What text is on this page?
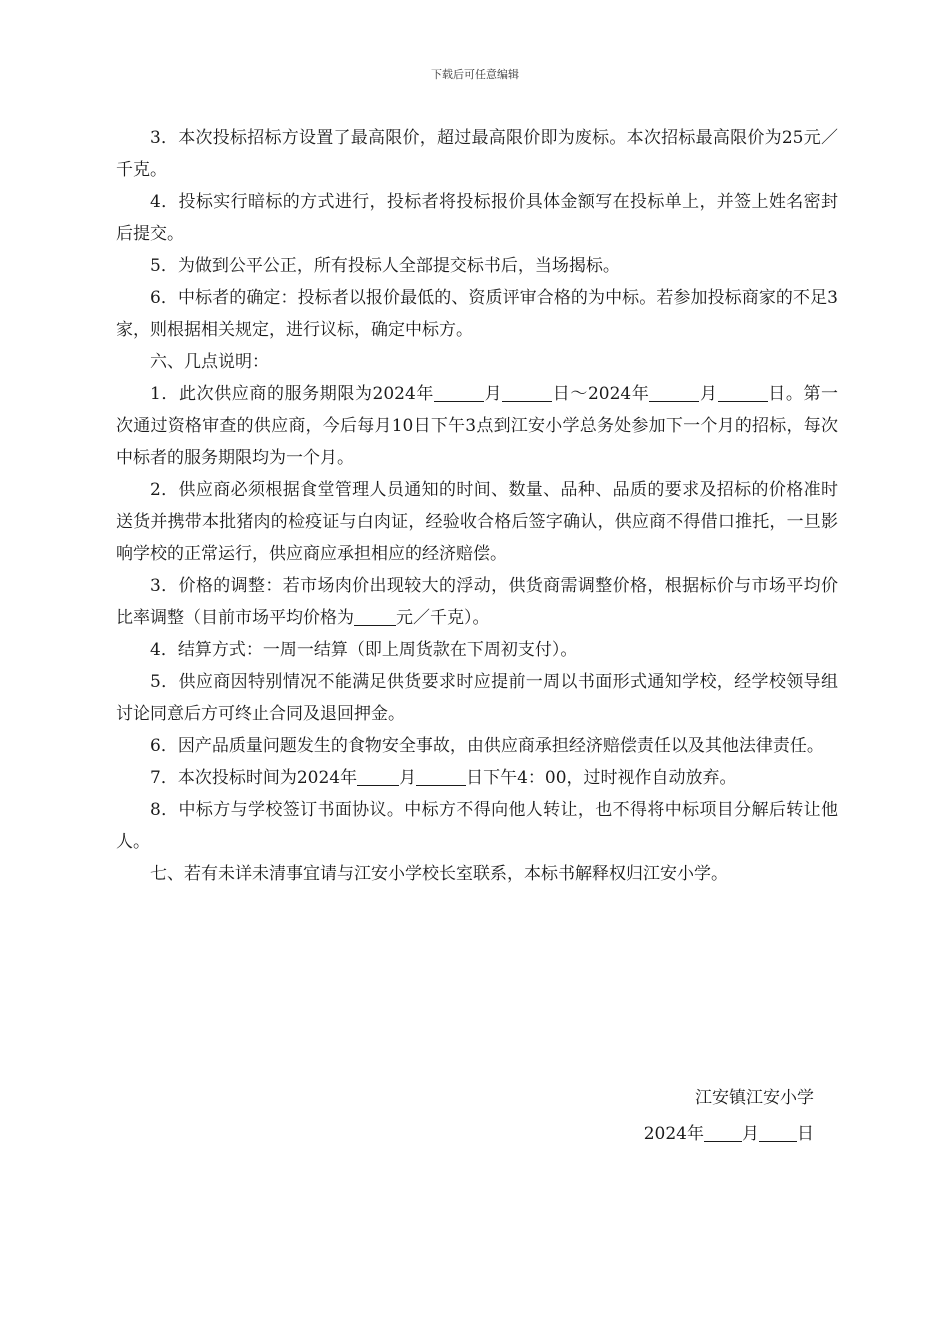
下载后可任意编辑

3．本次投标招标方设置了最高限价，超过最高限价即为废标。本次招标最高限价为25元／千克。

4．投标实行暗标的方式进行，投标者将投标报价具体金额写在投标单上，并签上姓名密封后提交。

5．为做到公平公正，所有投标人全部提交标书后，当场揭标。

6．中标者的确定：投标者以报价最低的、资质评审合格的为中标。若参加投标商家的不足3家，则根据相关规定，进行议标，确定中标方。

六、几点说明：

1．此次供应商的服务期限为2024年	月	日～2024年	月	日。第一次通过资格审查的供应商，今后每月10日下午3点到江安小学总务处参加下一个月的招标，每次中标者的服务期限均为一个月。

2．供应商必须根据食堂管理人员通知的时间、数量、品种、品质的要求及招标的价格准时送货并携带本批猪肉的检疫证与白肉证，经验收合格后签字确认，供应商不得借口推托，一旦影响学校的正常运行，供应商应承担相应的经济赔偿。

3．价格的调整：若市场肉价出现较大的浮动，供货商需调整价格，根据标价与市场平均价比率调整（目前市场平均价格为 元／千克）。

4．结算方式：一周一结算（即上周货款在下周初支付）。

5．供应商因特别情况不能满足供货要求时应提前一周以书面形式通知学校，经学校领导组讨论同意后方可终止合同及退回押金。

6．因产品质量问题发生的食物安全事故，由供应商承担经济赔偿责任以及其他法律责任。

7．本次投标时间为2024年 月	日下午4：00，过时视作自动放弃。

8．中标方与学校签订书面协议。中标方不得向他人转让，也不得将中标项目分解后转让他人。

七、若有未详未清事宜请与江安小学校长室联系，本标书解释权归江安小学。

江安镇江安小学
2024年 月 日
